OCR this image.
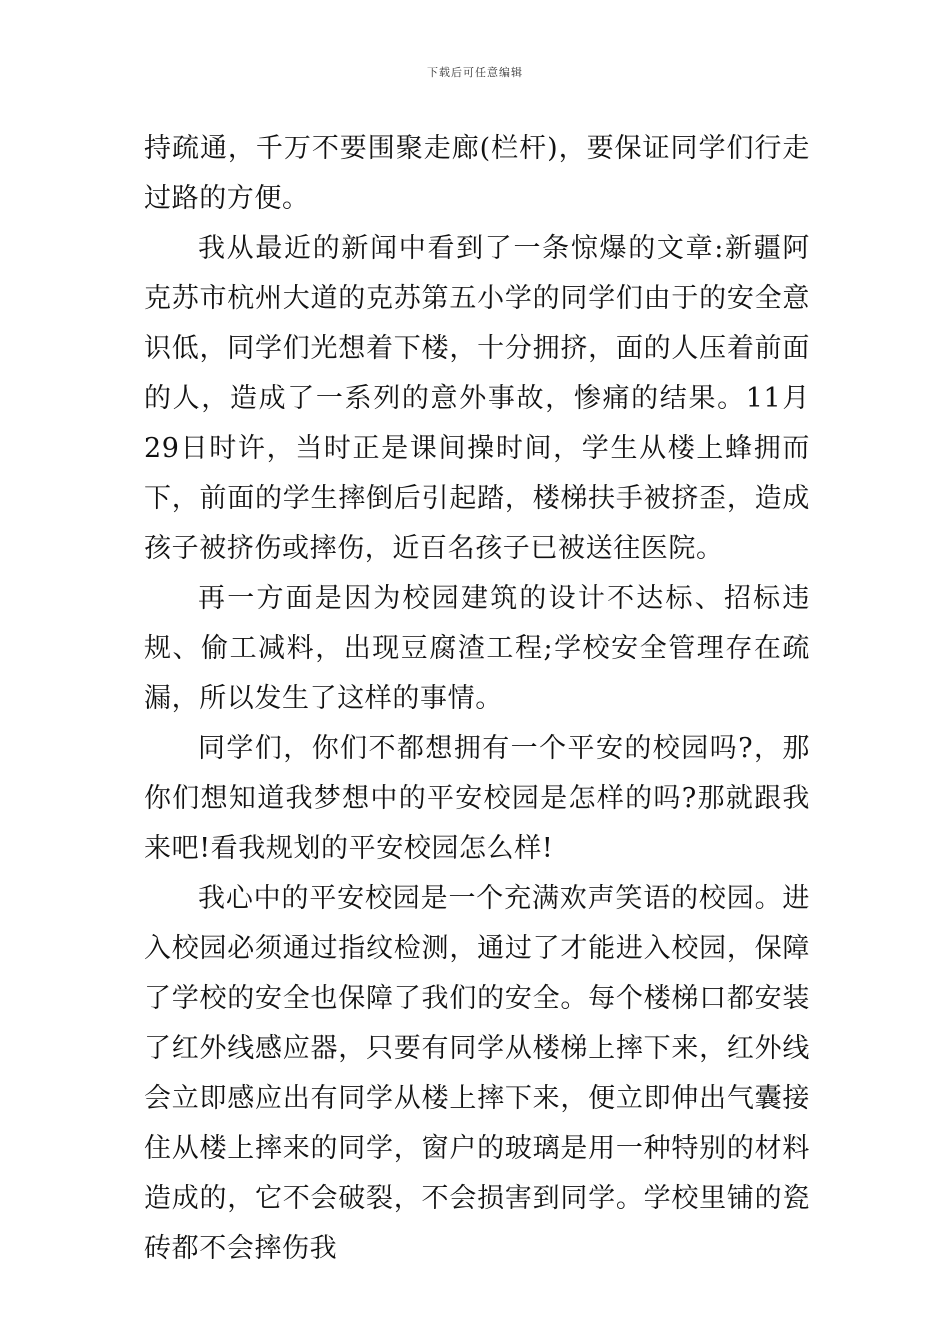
下载后可任意编辑

持疏通，千万不要围聚走廊(栏杆)，要保证同学们行走过路的方便。

我从最近的新闻中看到了一条惊爆的文章:新疆阿克苏市杭州大道的克苏第五小学的同学们由于的安全意识低，同学们光想着下楼，十分拥挤，面的人压着前面的人，造成了一系列的意外事故，惨痛的结果。11月29日时许，当时正是课间操时间，学生从楼上蜂拥而下，前面的学生摔倒后引起踏，楼梯扶手被挤歪，造成孩子被挤伤或摔伤，近百名孩子已被送往医院。

再一方面是因为校园建筑的设计不达标、招标违规、偷工减料，出现豆腐渣工程;学校安全管理存在疏漏，所以发生了这样的事情。

同学们，你们不都想拥有一个平安的校园吗?，那你们想知道我梦想中的平安校园是怎样的吗?那就跟我来吧!看我规划的平安校园怎么样!

我心中的平安校园是一个充满欢声笑语的校园。进入校园必须通过指纹检测，通过了才能进入校园，保障了学校的安全也保障了我们的安全。每个楼梯口都安装了红外线感应器，只要有同学从楼梯上摔下来，红外线会立即感应出有同学从楼上摔下来，便立即伸出气囊接住从楼上摔来的同学，窗户的玻璃是用一种特别的材料造成的，它不会破裂，不会损害到同学。学校里铺的瓷砖都不会摔伤我
